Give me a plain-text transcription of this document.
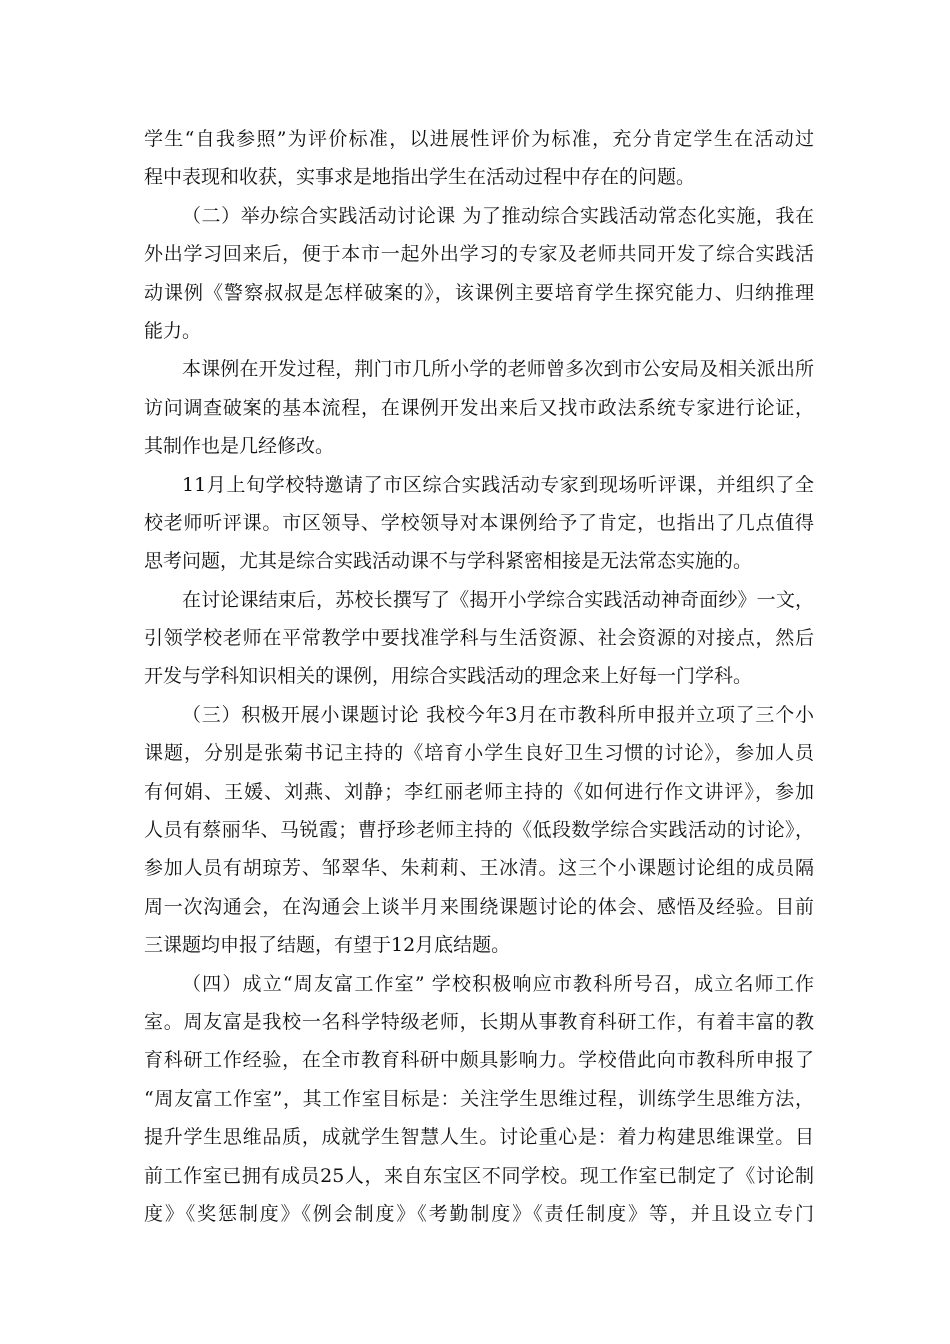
学生“自我参照”为评价标准，以进展性评价为标准，充分肯定学生在活动过
程中表现和收获，实事求是地指出学生在活动过程中存在的问题。
（二）举办综合实践活动讨论课 为了推动综合实践活动常态化实施，我在
外出学习回来后，便于本市一起外出学习的专家及老师共同开发了综合实践活
动课例《警察叔叔是怎样破案的》，该课例主要培育学生探究能力、归纳推理
能力。
本课例在开发过程，荆门市几所小学的老师曾多次到市公安局及相关派出所
访问调查破案的基本流程，在课例开发出来后又找市政法系统专家进行论证，
其制作也是几经修改。
11月上旬学校特邀请了市区综合实践活动专家到现场听评课，并组织了全
校老师听评课。市区领导、学校领导对本课例给予了肯定，也指出了几点值得
思考问题，尤其是综合实践活动课不与学科紧密相接是无法常态实施的。
在讨论课结束后，苏校长撰写了《揭开小学综合实践活动神奇面纱》一文，
引领学校老师在平常教学中要找准学科与生活资源、社会资源的对接点，然后
开发与学科知识相关的课例，用综合实践活动的理念来上好每一门学科。
（三）积极开展小课题讨论 我校今年3月在市教科所申报并立项了三个小
课题，分别是张菊书记主持的《培育小学生良好卫生习惯的讨论》，参加人员
有何娟、王媛、刘燕、刘静；李红丽老师主持的《如何进行作文讲评》，参加
人员有蔡丽华、马锐霞；曹抒珍老师主持的《低段数学综合实践活动的讨论》，
参加人员有胡琼芳、邹翠华、朱莉莉、王冰清。这三个小课题讨论组的成员隔
周一次沟通会，在沟通会上谈半月来围绕课题讨论的体会、感悟及经验。目前
三课题均申报了结题，有望于12月底结题。
（四）成立“周友富工作室” 学校积极响应市教科所号召，成立名师工作
室。周友富是我校一名科学特级老师，长期从事教育科研工作，有着丰富的教
育科研工作经验，在全市教育科研中颇具影响力。学校借此向市教科所申报了
“周友富工作室”，其工作室目标是：关注学生思维过程，训练学生思维方法，
提升学生思维品质，成就学生智慧人生。讨论重心是：着力构建思维课堂。目
前工作室已拥有成员25人，来自东宝区不同学校。现工作室已制定了《讨论制
度》《奖惩制度》《例会制度》《考勤制度》《责任制度》等，并且设立专门
